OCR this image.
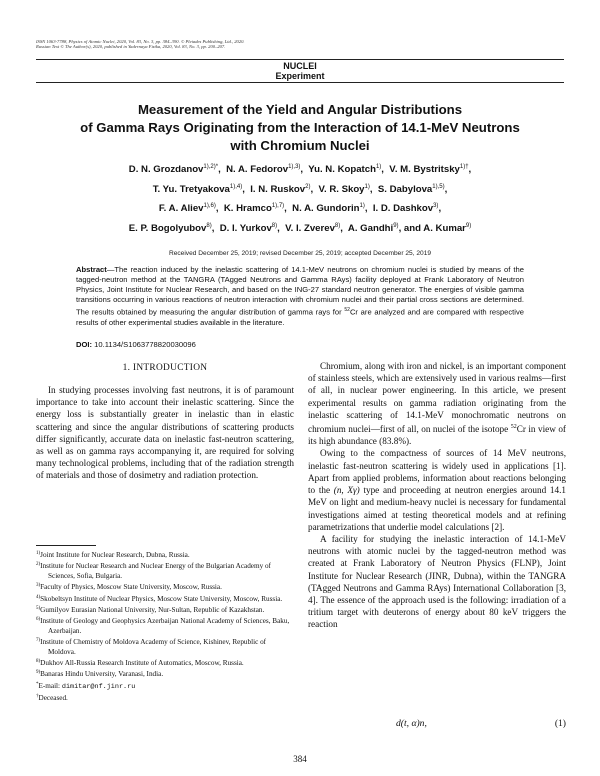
ISSN 1063-7788, Physics of Atomic Nuclei, 2020, Vol. 83, No. 3, pp. 384–390. © Pleiades Publishing, Ltd., 2020.
Russian Text © The Author(s), 2020, published in Yadernaya Fizika, 2020, Vol. 83, No. 3, pp. 200–207.
NUCLEI
Experiment
Measurement of the Yield and Angular Distributions
of Gamma Rays Originating from the Interaction of 14.1-MeV Neutrons
with Chromium Nuclei
D. N. Grozdanov$^{1),2)*}$,  N. A. Fedorov$^{1),3)}$,  Yu. N. Kopatch$^{1)}$,  V. M. Bystritsky$^{1)\dagger}$,
T. Yu. Tretyakova$^{1),4)}$,  I. N. Ruskov$^{2)}$,  V. R. Skoy$^{1)}$,  S. Dabylova$^{1),5)}$,
F. A. Aliev$^{1),6)}$,  K. Hramco$^{1),7)}$,  N. A. Gundorin$^{1)}$,  I. D. Dashkov$^{3)}$,
E. P. Bogolyubov$^{8)}$,  D. I. Yurkov$^{8)}$,  V. I. Zverev$^{8)}$,  A. Gandhi$^{9)}$, and A. Kumar$^{9)}$
Received December 25, 2019; revised December 25, 2019; accepted December 25, 2019
Abstract—The reaction induced by the inelastic scattering of 14.1-MeV neutrons on chromium nuclei is studied by means of the tagged-neutron method at the TANGRA (TAgged Neutrons and Gamma RAys) facility deployed at Frank Laboratory of Neutron Physics, Joint Institute for Nuclear Research, and based on the ING-27 standard neutron generator. The energies of visible gamma transitions occurring in various reactions of neutron interaction with chromium nuclei and their partial cross sections are determined. The results obtained by measuring the angular distribution of gamma rays for $^{52}$Cr are analyzed and are compared with respective results of other experimental studies available in the literature.
DOI: 10.1134/S1063778820030096
1. INTRODUCTION

In studying processes involving fast neutrons, it is of paramount importance to take into account their inelastic scattering. Since the energy loss is substantially greater in inelastic than in elastic scattering and since the angular distributions of scattering products differ significantly, accurate data on inelastic fast-neutron scattering, as well as on gamma rays accompanying it, are required for solving many technological problems, including that of the radiation strength of materials and those of dosimetry and radiation protection.

$^{1)}$Joint Institute for Nuclear Research, Dubna, Russia.
$^{2)}$Institute for Nuclear Research and Nuclear Energy of the Bulgarian Academy of Sciences, Sofia, Bulgaria.
$^{3)}$Faculty of Physics, Moscow State University, Moscow, Russia.
$^{4)}$Skobeltsyn Institute of Nuclear Physics, Moscow State University, Moscow, Russia.
$^{5)}$Gumilyov Eurasian National University, Nur-Sultan, Republic of Kazakhstan.
$^{6)}$Institute of Geology and Geophysics Azerbaijan National Academy of Sciences, Baku, Azerbaijan.
$^{7)}$Institute of Chemistry of Moldova Academy of Science, Kishinev, Republic of Moldova.
$^{8)}$Dukhov All-Russia Research Institute of Automatics, Moscow, Russia.
$^{9)}$Banaras Hindu University, Varanasi, India.
*E-mail: dimitar@nf.jinr.ru
†Deceased.

Chromium, along with iron and nickel, is an important component of stainless steels, which are extensively used in various realms—first of all, in nuclear power engineering. In this article, we present experimental results on gamma radiation originating from the inelastic scattering of 14.1-MeV monochromatic neutrons on chromium nuclei—first of all, on nuclei of the isotope $^{52}$Cr in view of its high abundance (83.8%).

Owing to the compactness of sources of 14 MeV neutrons, inelastic fast-neutron scattering is widely used in applications [1]. Apart from applied problems, information about reactions belonging to the (n, Xγ) type and proceeding at neutron energies around 14.1 MeV on light and medium-heavy nuclei is necessary for fundamental investigations aimed at testing theoretical models and at refining parametrizations that underlie model calculations [2].

A facility for studying the inelastic interaction of 14.1-MeV neutrons with atomic nuclei by the tagged-neutron method was created at Frank Laboratory of Neutron Physics (FLNP), Joint Institute for Nuclear Research (JINR, Dubna), within the TANGRA (TAgged Neutrons and Gamma RAys) International Collaboration [3, 4]. The essence of the approach used is the following: irradiation of a tritium target with deuterons of energy about 80 keV triggers the reaction

d(t, α)n,	(1)
384
